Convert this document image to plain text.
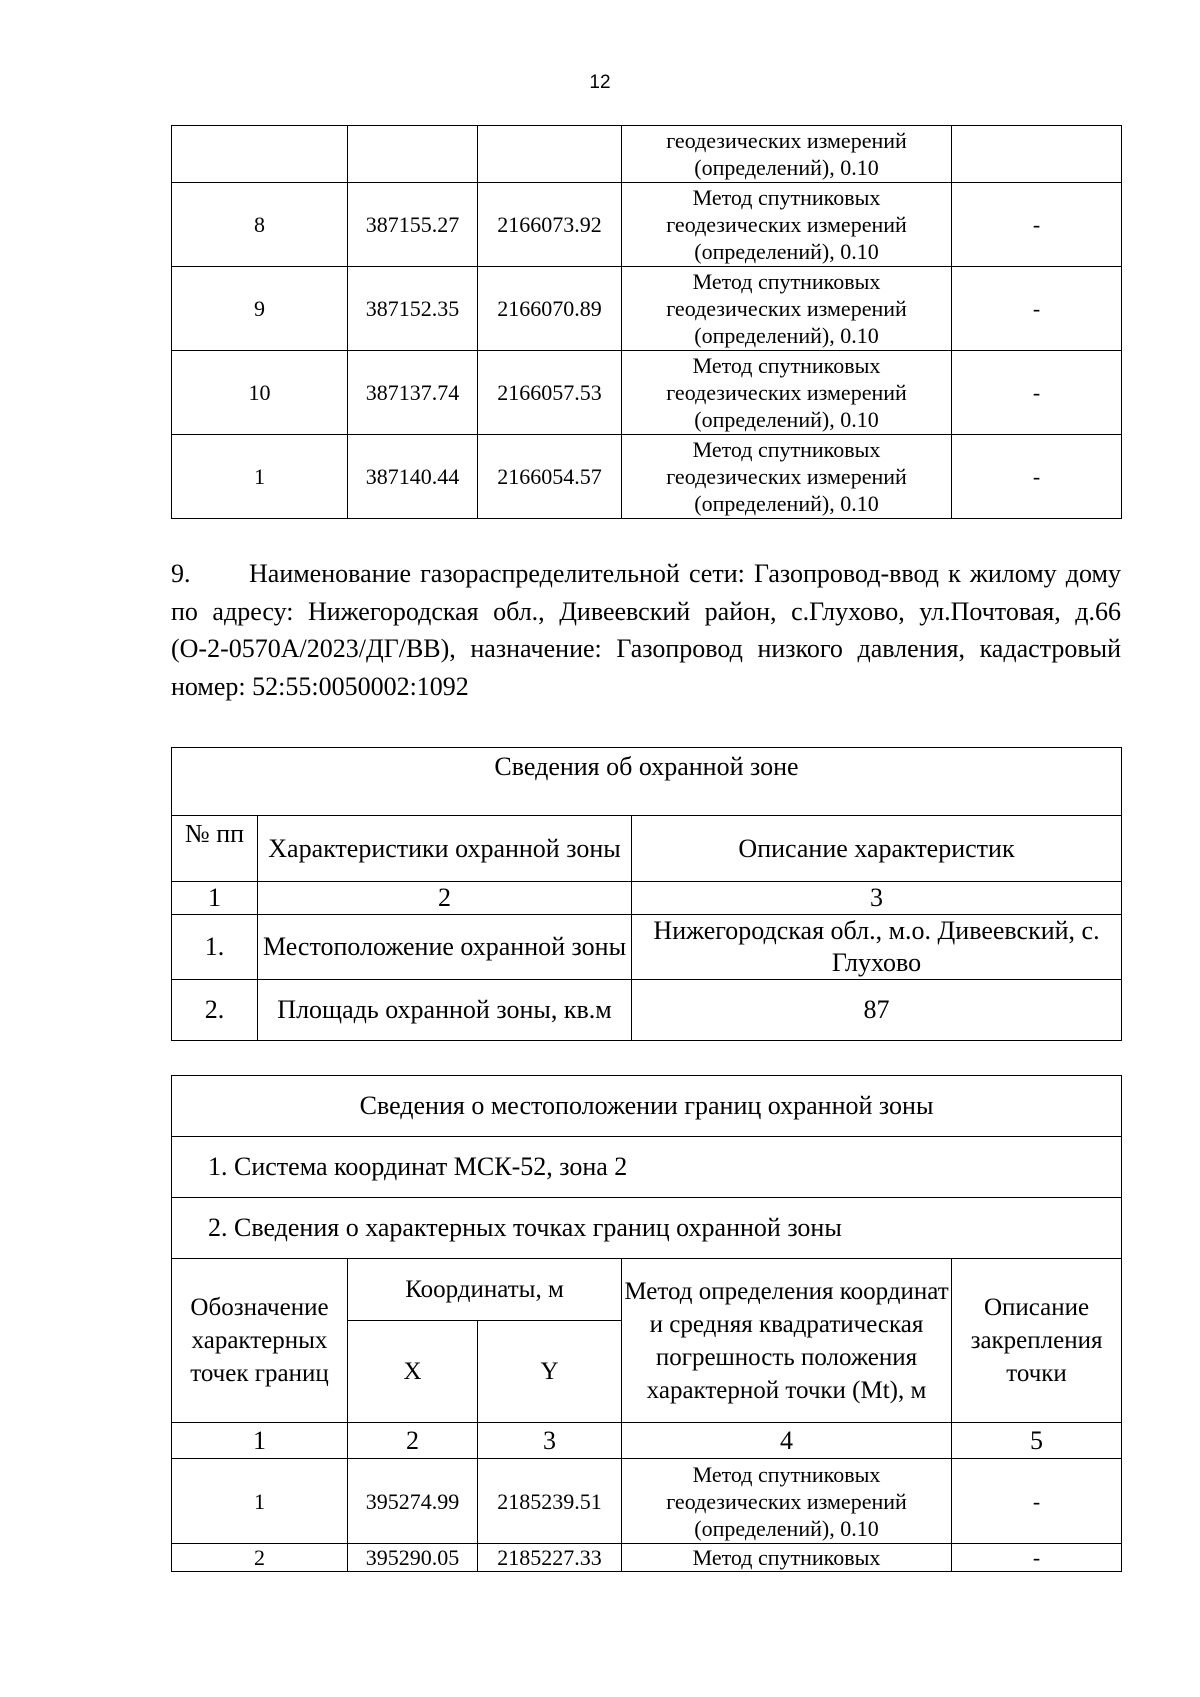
12

			геодезических измерений
(определений), 0.10	

8	387155.27	2166073.92	Метод спутниковых
геодезических измерений
(определений), 0.10	-
9	387152.35	2166070.89	Метод спутниковых
геодезических измерений
(определений), 0.10	-
10	387137.74	2166057.53	Метод спутниковых
геодезических измерений
(определений), 0.10	-
1	387140.44	2166054.57	Метод спутниковых
геодезических измерений
(определений), 0.10	-
9. Наименование газораспределительной сети: Газопровод-ввод к жилому дому по адресу: Нижегородская обл., Дивеевский район, с.Глухово, ул.Почтовая, д.66 (О-2-0570А/2023/ДГ/ВВ), назначение: Газопровод низкого давления, кадастровый номер: 52:55:0050002:1092
Сведения об охранной зоне		
№ пп	Характеристики охранной зоны	Описание характеристик
1	2	3
1.	Местоположение охранной зоны	Нижегородская обл., м.о. Дивеевский, с. Глухово
2.	Площадь охранной зоны, кв.м	87
Сведения о местоположении границ охранной зоны				
1. Система координат МСК-52, зона 2				
2. Сведения о характерных точках границ охранной зоны				
Обозначение характерных точек границ	Координаты, м		Метод определения координат и средняя квадратическая погрешность положения характерной точки (Mt), м	Описание закрепления точки
	X	Y		
1	2	3	4	5
1	395274.99	2185239.51	Метод спутниковых
геодезических измерений
(определений), 0.10	-
2	395290.05	2185227.33	Метод спутниковых	-
